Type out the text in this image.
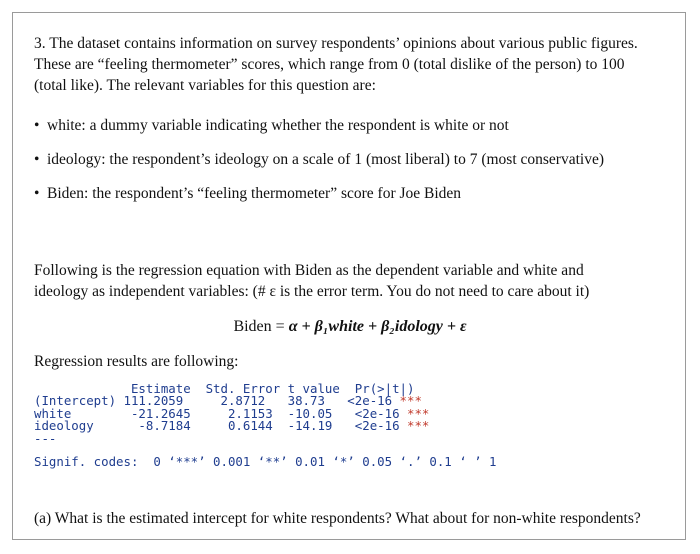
3. The dataset contains information on survey respondents’ opinions about various public figures.

These are “feeling thermometer” scores, which range from 0 (total dislike of the person) to 100

(total like). The relevant variables for this question are:

• white: a dummy variable indicating whether the respondent is white or not
• ideology: the respondent’s ideology on a scale of 1 (most liberal) to 7 (most conservative)
• Biden: the respondent’s “feeling thermometer” score for Joe Biden

Following is the regression equation with Biden as the dependent variable and white and

ideology as independent variables: (# ε is the error term. You do not need to care about it)

Biden = α + β₁white + β₂idology + ε

Regression results are following:

Estimate  Std. Error t value  Pr(>|t|)
(Intercept) 111.2059     2.8712   38.73   <2e-16 ***
white        -21.2645     2.1153  -10.05   <2e-16 ***
ideology      -8.7184     0.6144  -14.19   <2e-16 ***
---
Signif. codes:  0 ‘***’ 0.001 ‘**’ 0.01 ‘*’ 0.05 ‘.’ 0.1 ‘ ’ 1

(a) What is the estimated intercept for white respondents? What about for non-white respondents?
